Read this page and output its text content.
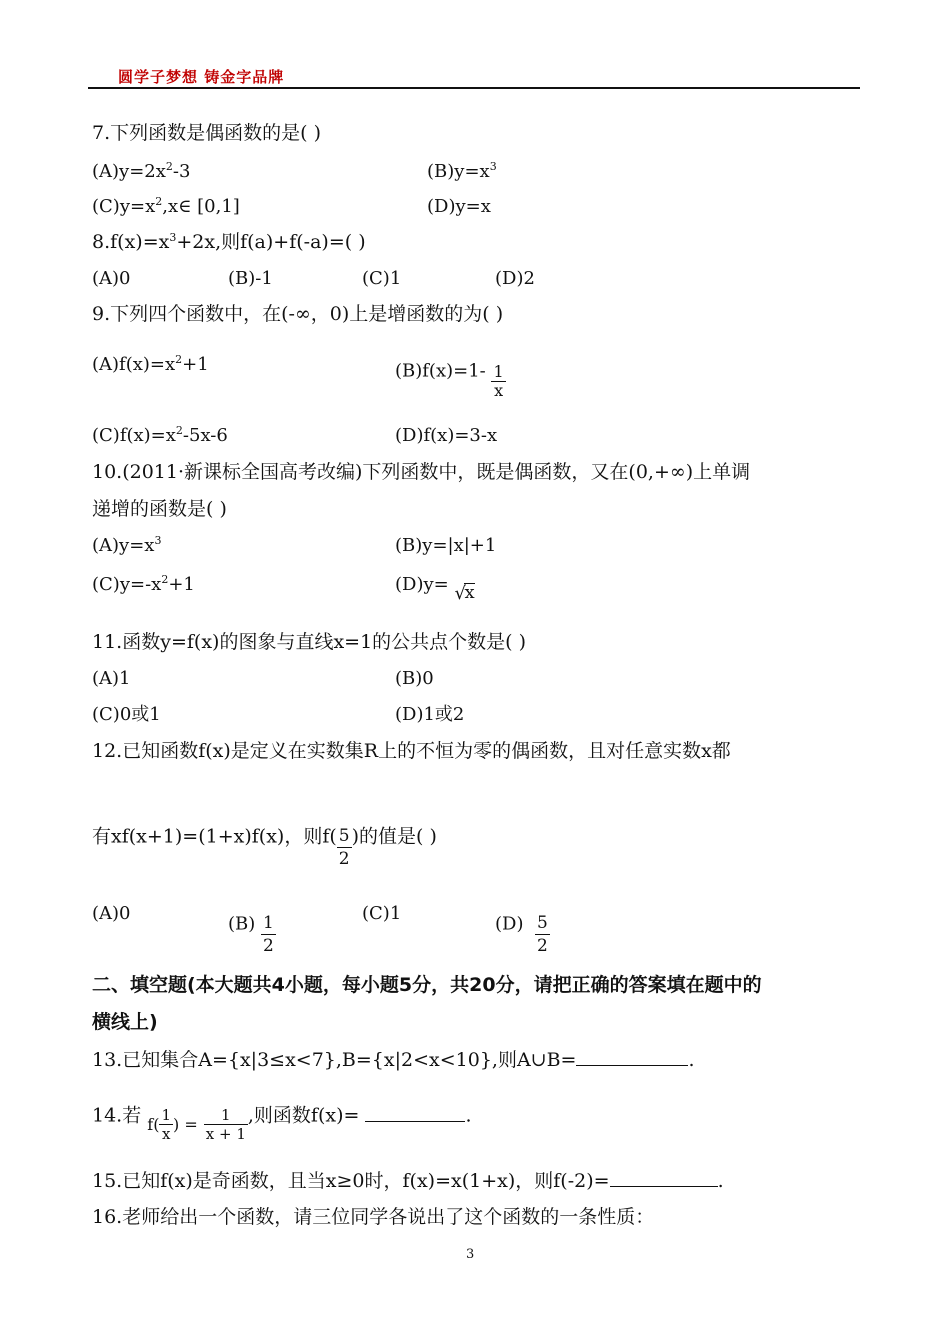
圆学子梦想 铸金字品牌
7.下列函数是偶函数的是( )
$(A)y=2x^2-3$	$(B)y=x^3$
$(C)y=x^2,x\in$ [0,1]	(D)y=x
$8.f(x)=x^3+2x$,则f(a)+f(-a)=( )
(A)0	(B)-1	(C)1	(D)2
9.下列四个函数中，在(-∞，0)上是增函数的为( )
$(A)f(x)=x^2+1$	$(B)f(x)=1- \frac{1}{x}$
$(C)f(x)=x^2-5x-6$	(D)f(x)=3-x
10.(2011·新课标全国高考改编)下列函数中，既是偶函数，又在(0,+∞)上单调
递增的函数是( )
$(A)y=x^3$	(B)y=|x|+1
$(C)y=-x^2+1$	(D)y= √
x
11.函数y=f(x)的图象与直线x=1的公共点个数是( )
(A)1	(B)0
(C)0或1	(D)1或2
12.已知函数f(x)是定义在实数集R上的不恒为零的偶函数，且对任意实数x都
有xf(x+1)=(1+x)f(x)，则$f( \frac{5}{2}$ )的值是( )
(A)0	$(B) \frac{1}{2}$	(C)1	$(D) \frac{5}{2}$
二、填空题(本大题共4小题，每小题5分，共20分，请把正确的答案填在题中的
横线上)
13.已知集合A={x|3≤x<7},B={x|2<x<10},则A∪B=	.
14.若 $_{f(} \frac{1}{x} _{) =} \frac{1}{x + 1}$ ,则函数f(x)=	.
15.已知f(x)是奇函数，且当x≥0时，f(x)=x(1+x)，则f(-2)=	.
16.老师给出一个函数，请三位同学各说出了这个函数的一条性质：
3
